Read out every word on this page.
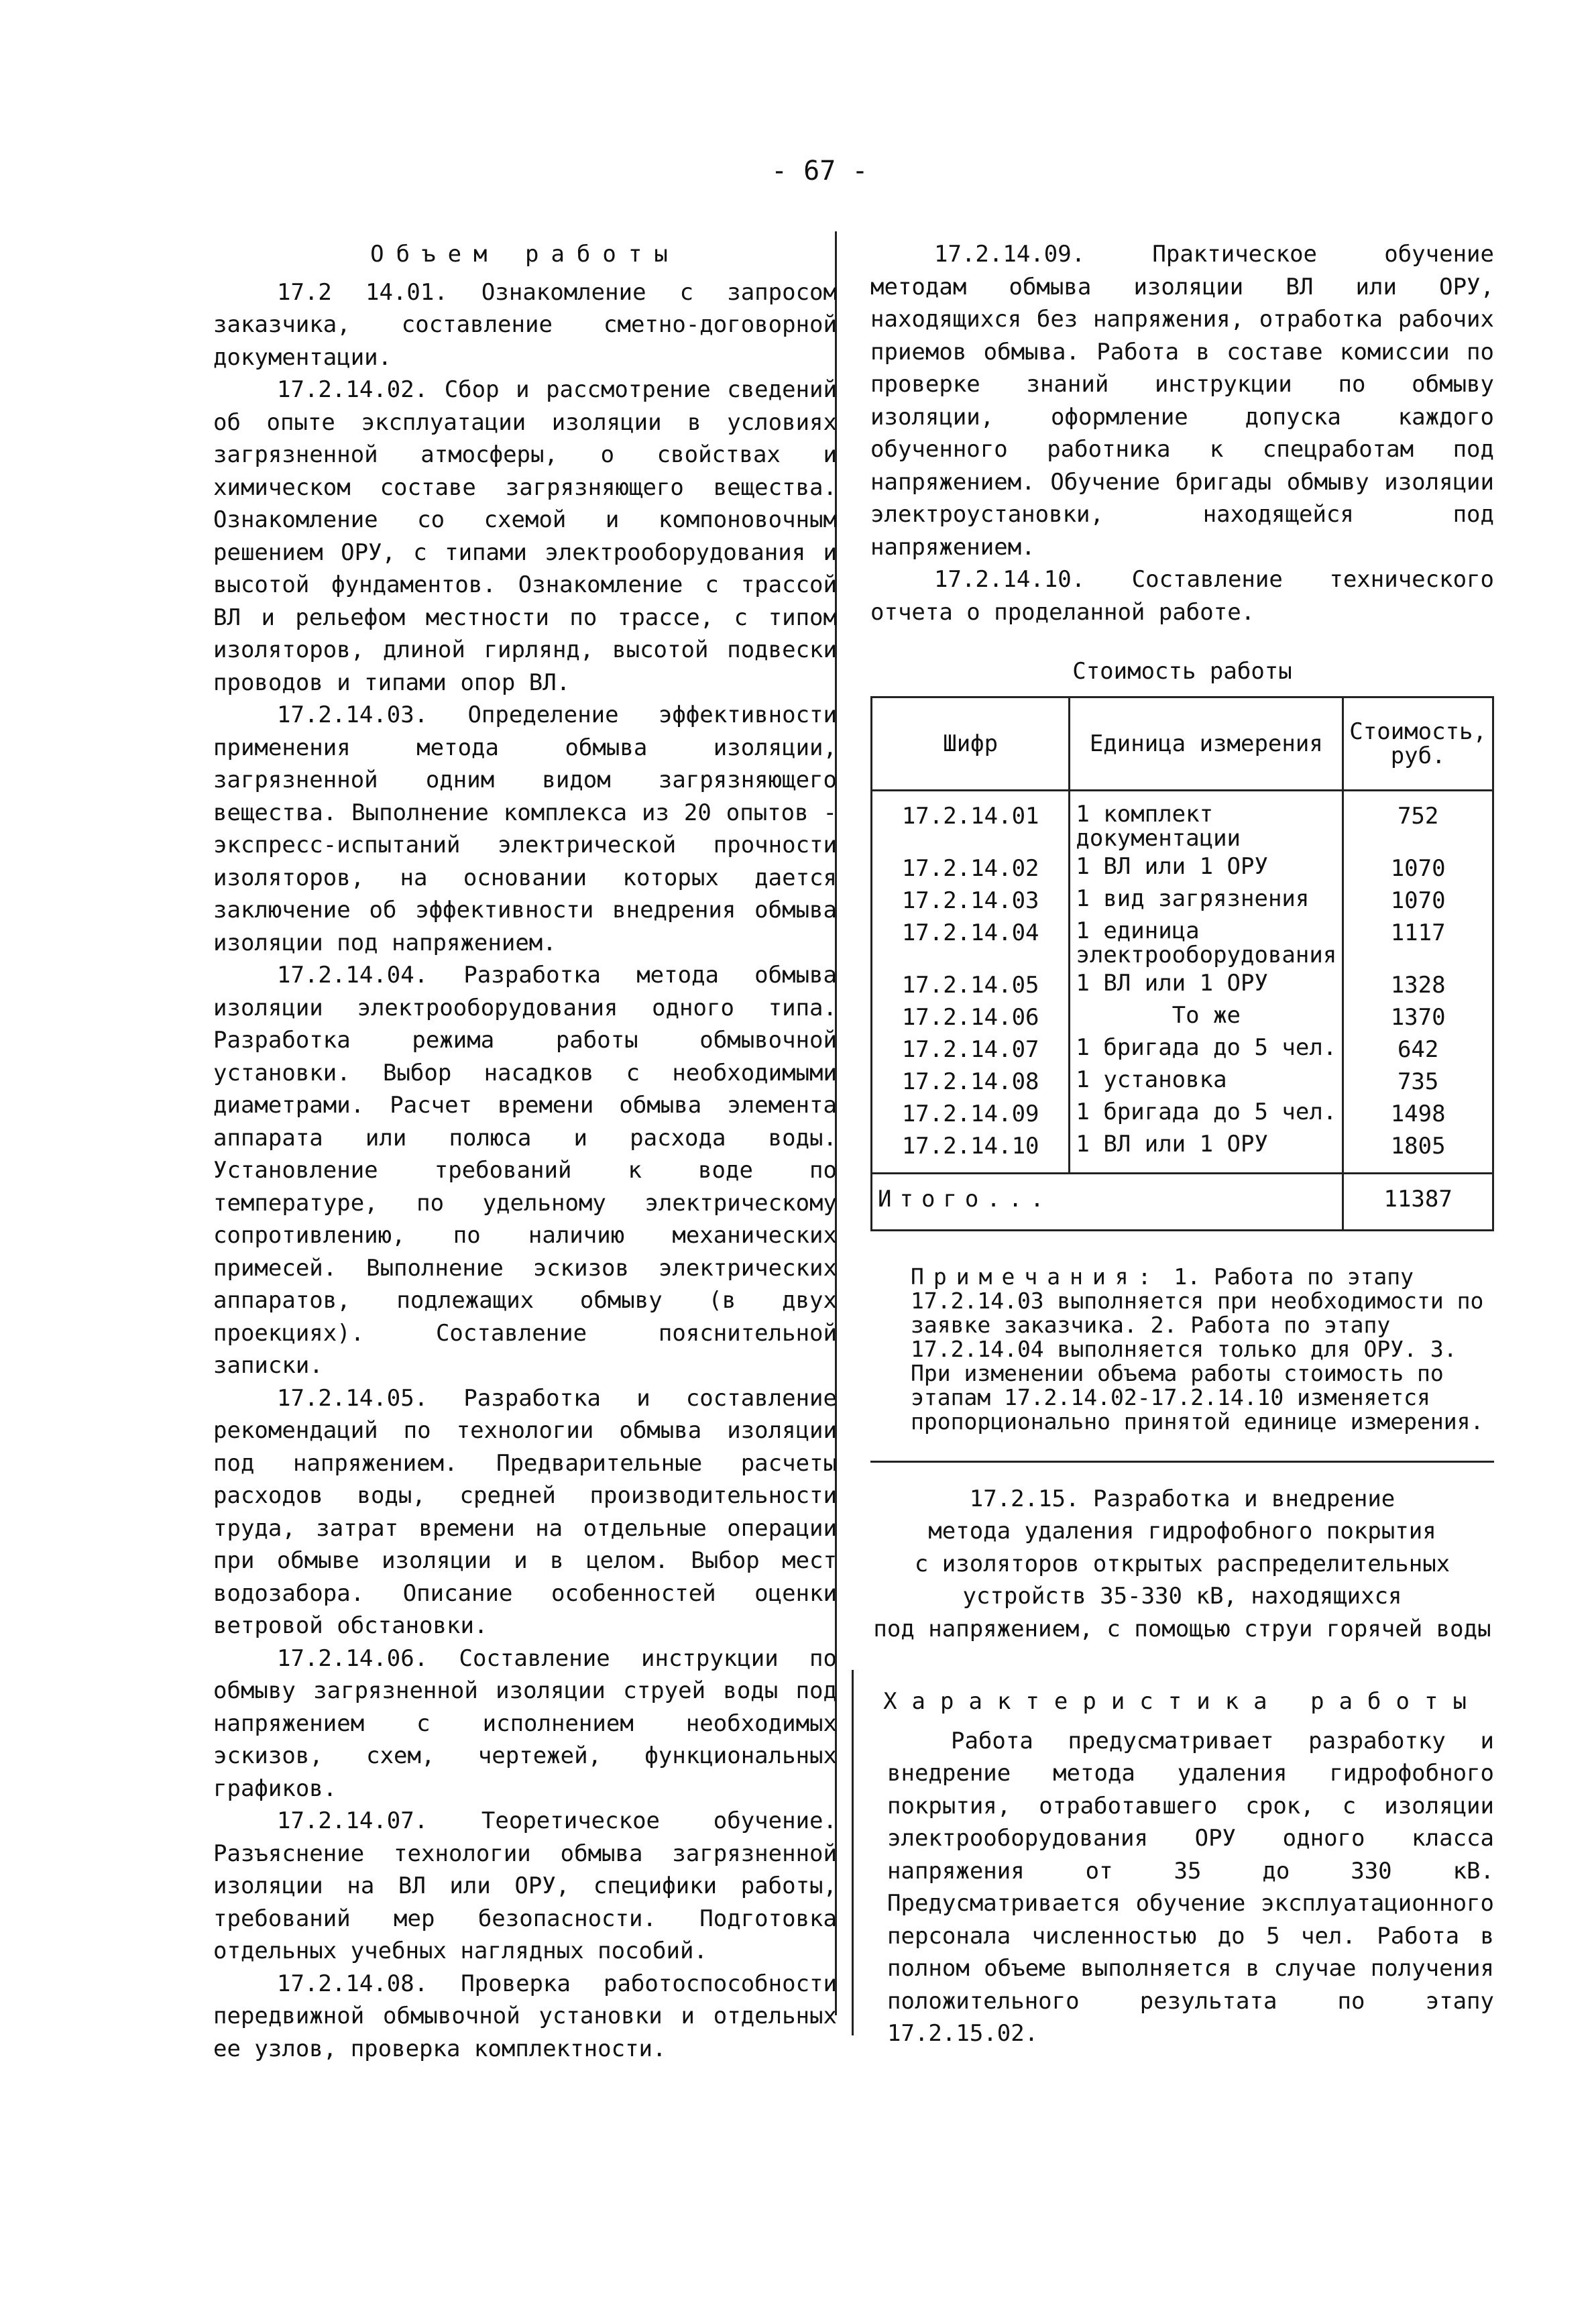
- 67 -

Объем работы

17.2 14.01. Ознакомление с запросом заказчика, составление сметно-договорной документации.

17.2.14.02. Сбор и рассмотрение сведений об опыте эксплуатации изоляции в условиях загрязненной атмосферы, о свойствах и химическом составе загрязняющего вещества. Ознакомление со схемой и компоновочным решением ОРУ, с типами электрооборудования и высотой фундаментов. Ознакомление с трассой ВЛ и рельефом местности по трассе, с типом изоляторов, длиной гирлянд, высотой подвески проводов и типами опор ВЛ.

17.2.14.03. Определение эффективности применения метода обмыва изоляции, загрязненной одним видом загрязняющего вещества. Выполнение комплекса из 20 опытов - экспресс-испытаний электрической прочности изоляторов, на основании которых дается заключение об эффективности внедрения обмыва изоляции под напряжением.

17.2.14.04. Разработка метода обмыва изоляции электрооборудования одного типа. Разработка режима работы обмывочной установки. Выбор насадков с необходимыми диаметрами. Расчет времени обмыва элемента аппарата или полюса и расхода воды. Установление требований к воде по температуре, по удельному электрическому сопротивлению, по наличию механических примесей. Выполнение эскизов электрических аппаратов, подлежащих обмыву (в двух проекциях). Составление пояснительной записки.

17.2.14.05. Разработка и составление рекомендаций по технологии обмыва изоляции под напряжением. Предварительные расчеты расходов воды, средней производительности труда, затрат времени на отдельные операции при обмыве изоляции и в целом. Выбор мест водозабора. Описание особенностей оценки ветровой обстановки.

17.2.14.06. Составление инструкции по обмыву загрязненной изоляции струей воды под напряжением с исполнением необходимых эскизов, схем, чертежей, функциональных графиков.

17.2.14.07. Теоретическое обучение. Разъяснение технологии обмыва загрязненной изоляции на ВЛ или ОРУ, специфики работы, требований мер безопасности. Подготовка отдельных учебных наглядных пособий.

17.2.14.08. Проверка работоспособности передвижной обмывочной установки и отдельных ее узлов, проверка комплектности.

17.2.14.09. Практическое обучение методам обмыва изоляции ВЛ или ОРУ, находящихся без напряжения, отработка рабочих приемов обмыва. Работа в составе комиссии по проверке знаний инструкции по обмыву изоляции, оформление допуска каждого обученного работника к спецработам под напряжением. Обучение бригады обмыву изоляции электроустановки, находящейся под напряжением.

17.2.14.10. Составление технического отчета о проделанной работе.

Стоимость работы

Шифр	Единица измерения	Стоимость, руб.
17.2.14.01	1 комплект документации	752
17.2.14.02	1 ВЛ или 1 ОРУ	1070
17.2.14.03	1 вид загрязнения	1070
17.2.14.04	1 единица электрооборудования	1117
17.2.14.05	1 ВЛ или 1 ОРУ	1328
17.2.14.06	То же	1370
17.2.14.07	1 бригада до 5 чел.	642
17.2.14.08	1 установка	735
17.2.14.09	1 бригада до 5 чел.	1498
17.2.14.10	1 ВЛ или 1 ОРУ	1805
Итого...		11387
Примечания: 1. Работа по этапу 17.2.14.03 выполняется при необходимости по заявке заказчика. 2. Работа по этапу 17.2.14.04 выполняется только для ОРУ. 3. При изменении объема работы стоимость по этапам 17.2.14.02-17.2.14.10 изменяется пропорционально принятой единице измерения.

17.2.15. Разработка и внедрение

метода удаления гидрофобного покрытия

с изоляторов открытых распределительных

устройств 35-330 кВ, находящихся

под напряжением, с помощью струи горячей воды

Характеристика работы

Работа предусматривает разработку и внедрение метода удаления гидрофобного покрытия, отработавшего срок, с изоляции электрооборудования ОРУ одного класса напряжения от 35 до 330 кВ. Предусматривается обучение эксплуатационного персонала численностью до 5 чел. Работа в полном объеме выполняется в случае получения положительного результата по этапу 17.2.15.02.
